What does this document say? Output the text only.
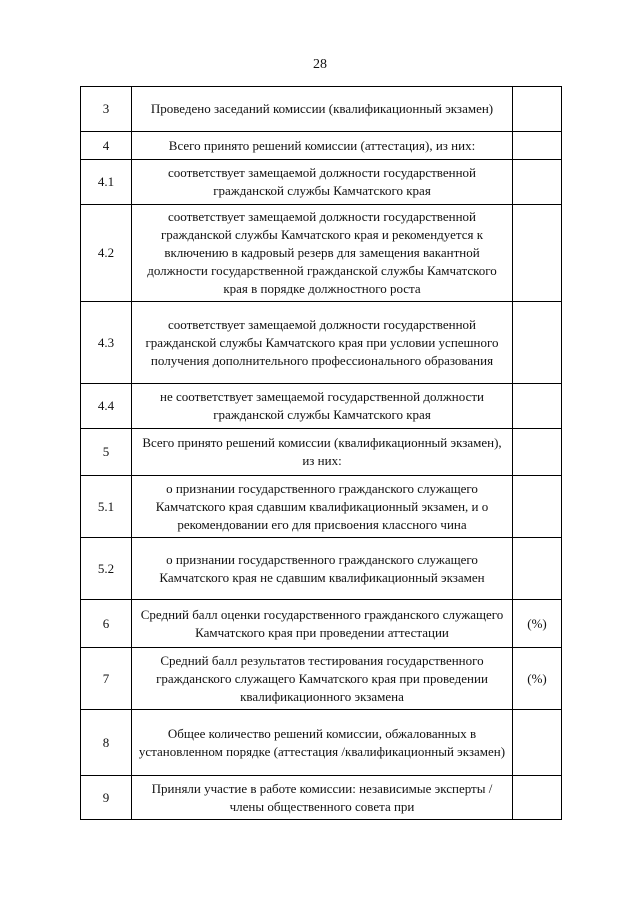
28
3	Проведено заседаний комиссии (квалификационный экзамен)	
4	Всего принято решений комиссии (аттестация), из них:	
4.1	соответствует замещаемой должности государственной гражданской службы Камчатского края	
4.2	соответствует замещаемой должности государственной гражданской службы Камчатского края и рекомендуется к включению в кадровый резерв для замещения вакантной должности государственной гражданской службы Камчатского края в порядке должностного роста	
4.3	соответствует замещаемой должности государственной гражданской службы Камчатского края при условии успешного получения дополнительного профессионального образования	
4.4	не соответствует замещаемой государственной должности гражданской службы Камчатского края	
5	Всего принято решений комиссии (квалификационный экзамен), из них:	
5.1	о признании государственного гражданского служащего Камчатского края сдавшим квалификационный экзамен, и о рекомендовании его для присвоения классного чина	
5.2	о признании государственного гражданского служащего Камчатского края не сдавшим квалификационный экзамен	
6	Средний балл оценки государственного гражданского служащего Камчатского края при проведении аттестации	(%)
7	Средний балл результатов тестирования государственного гражданского служащего Камчатского края при проведении квалификационного экзамена	(%)
8	Общее количество решений комиссии, обжалованных в установленном порядке (аттестация /квалификационный экзамен)	
9	Приняли участие в работе комиссии: независимые эксперты / члены общественного совета при	
